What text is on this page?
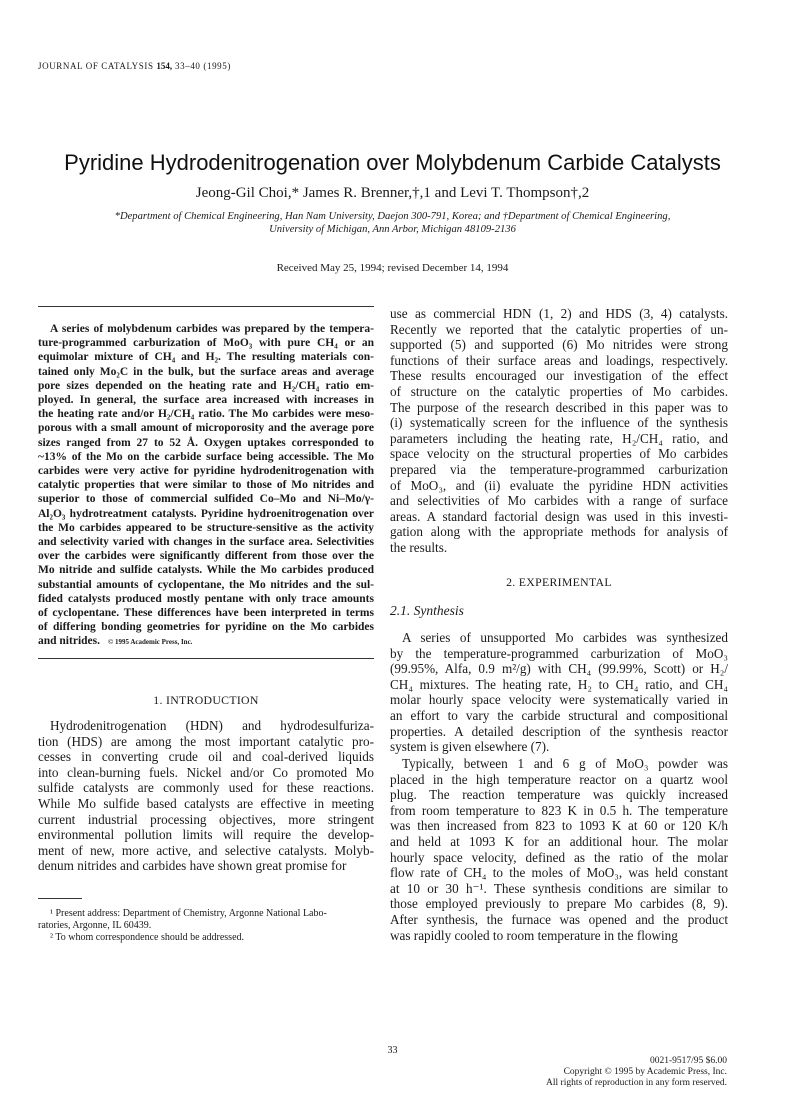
JOURNAL OF CATALYSIS 154, 33–40 (1995)
Pyridine Hydrodenitrogenation over Molybdenum Carbide Catalysts
Jeong-Gil Choi,* James R. Brenner,†,1 and Levi T. Thompson†,2
*Department of Chemical Engineering, Han Nam University, Daejon 300-791, Korea; and †Department of Chemical Engineering,
University of Michigan, Ann Arbor, Michigan 48109-2136
Received May 25, 1994; revised December 14, 1994
A series of molybdenum carbides was prepared by the tempera-
ture-programmed carburization of MoO₃ with pure CH₄ or an
equimolar mixture of CH₄ and H₂. The resulting materials con-
tained only Mo₂C in the bulk, but the surface areas and average
pore sizes depended on the heating rate and H₂/CH₄ ratio em-
ployed. In general, the surface area increased with increases in
the heating rate and/or H₂/CH₄ ratio. The Mo carbides were meso-
porous with a small amount of microporosity and the average pore
sizes ranged from 27 to 52 Å. Oxygen uptakes corresponded to
~13% of the Mo on the carbide surface being accessible. The Mo
carbides were very active for pyridine hydrodenitrogenation with
catalytic properties that were similar to those of Mo nitrides and
superior to those of commercial sulfided Co–Mo and Ni–Mo/γ-
Al₂O₃ hydrotreatment catalysts. Pyridine hydroenitrogenation over
the Mo carbides appeared to be structure-sensitive as the activity
and selectivity varied with changes in the surface area. Selectivities
over the carbides were significantly different from those over the
Mo nitride and sulfide catalysts. While the Mo carbides produced
substantial amounts of cyclopentane, the Mo nitrides and the sul-
fided catalysts produced mostly pentane with only trace amounts
of cyclopentane. These differences have been interpreted in terms
of differing bonding geometries for pyridine on the Mo carbides
and nitrides. © 1995 Academic Press, Inc.
1. INTRODUCTION
Hydrodenitrogenation (HDN) and hydrodesulfuriza-
tion (HDS) are among the most important catalytic pro-
cesses in converting crude oil and coal-derived liquids
into clean-burning fuels. Nickel and/or Co promoted Mo
sulfide catalysts are commonly used for these reactions.
While Mo sulfide based catalysts are effective in meeting
current industrial processing objectives, more stringent
environmental pollution limits will require the develop-
ment of new, more active, and selective catalysts. Molyb-
denum nitrides and carbides have shown great promise for
¹ Present address: Department of Chemistry, Argonne National Labo-
ratories, Argonne, IL 60439.
² To whom correspondence should be addressed.
use as commercial HDN (1, 2) and HDS (3, 4) catalysts.
Recently we reported that the catalytic properties of un-
supported (5) and supported (6) Mo nitrides were strong
functions of their surface areas and loadings, respectively.
These results encouraged our investigation of the effect
of structure on the catalytic properties of Mo carbides.
The purpose of the research described in this paper was to
(i) systematically screen for the influence of the synthesis
parameters including the heating rate, H₂/CH₄ ratio, and
space velocity on the structural properties of Mo carbides
prepared via the temperature-programmed carburization
of MoO₃, and (ii) evaluate the pyridine HDN activities
and selectivities of Mo carbides with a range of surface
areas. A standard factorial design was used in this investi-
gation along with the appropriate methods for analysis of
the results.
2. EXPERIMENTAL
2.1. Synthesis
A series of unsupported Mo carbides was synthesized
by the temperature-programmed carburization of MoO₃
(99.95%, Alfa, 0.9 m²/g) with CH₄ (99.99%, Scott) or H₂/
CH₄ mixtures. The heating rate, H₂ to CH₄ ratio, and CH₄
molar hourly space velocity were systematically varied in
an effort to vary the carbide structural and compositional
properties. A detailed description of the synthesis reactor
system is given elsewhere (7).
Typically, between 1 and 6 g of MoO₃ powder was
placed in the high temperature reactor on a quartz wool
plug. The reaction temperature was quickly increased
from room temperature to 823 K in 0.5 h. The temperature
was then increased from 823 to 1093 K at 60 or 120 K/h
and held at 1093 K for an additional hour. The molar
hourly space velocity, defined as the ratio of the molar
flow rate of CH₄ to the moles of MoO₃, was held constant
at 10 or 30 h⁻¹. These synthesis conditions are similar to
those employed previously to prepare Mo carbides (8, 9).
After synthesis, the furnace was opened and the product
was rapidly cooled to room temperature in the flowing
33
0021-9517/95 $6.00
Copyright © 1995 by Academic Press, Inc.
All rights of reproduction in any form reserved.
